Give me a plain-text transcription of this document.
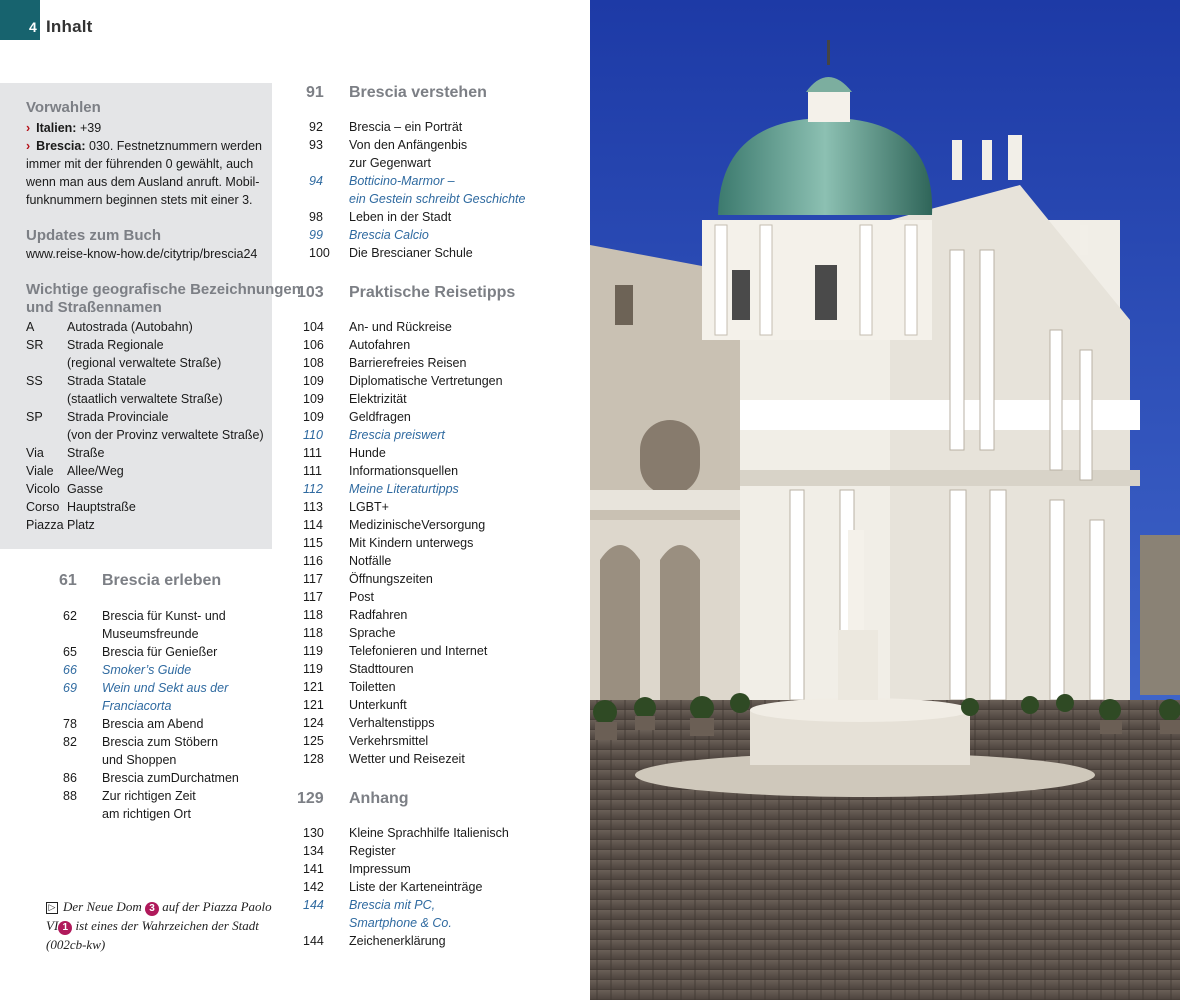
4 Inhalt

Vorwahlen

› Italien: +39
› Brescia: 030. Festnetznummern werden
immer mit der führenden 0 gewählt, auch
wenn man aus dem Ausland anruft. Mobil-
funknummern beginnen stets mit einer 3.

Updates zum Buch

www.reise-know-how.de/citytrip/brescia24

Wichtige geografische Bezeichnungen

und Straßennamen

A	Autostrada (Autobahn)
SR Strada Regionale
(regional verwaltete Straße)
SS Strada Statale
(staatlich verwaltete Straße)
SP Strada Provinciale
(von der Provinz verwaltete Straße)
Via Straße
Viale Allee/Weg
Vicolo Gasse
Corso Hauptstraße
Piazza Platz
61 Brescia erleben
62 Brescia für Kunst- und
Museumsfreunde
65 Brescia für Genießer
66 Smoker’s Guide
69 Wein und Sekt aus der
Franciacorta
78 Brescia am Abend
82 Brescia zum Stöbern
und Shoppen
86 Brescia zumDurchatmen
88 Zur richtigen Zeit
am richtigen Ort
91 Brescia verstehen
92 Brescia – ein Porträt
93 Von den Anfängenbis
zur Gegenwart
94 Botticino-Marmor –
ein Gestein schreibt Geschichte
98 Leben in der Stadt
99 Brescia Calcio
100 Die Brescianer Schule
103 Praktische Reisetipps
104 An- und Rückreise
106 Autofahren
108 Barrierefreies Reisen
109 Diplomatische Vertretungen
109 Elektrizität
109 Geldfragen
110 Brescia preiswert
111 Hunde
111 Informationsquellen
112 Meine Literaturtipps
113 LGBT+
114 MedizinischeVersorgung
115 Mit Kindern unterwegs
116 Notfälle
117 Öffnungszeiten
117 Post
118 Radfahren
118 Sprache
119 Telefonieren und Internet
119 Stadttouren
121 Toiletten
121 Unterkunft
124 Verhaltenstipps
125 Verkehrsmittel
128 Wetter und Reisezeit
129 Anhang
130 Kleine Sprachhilfe Italienisch
134 Register
141 Impressum
142 Liste der Karteneinträge
144 Brescia mit PC,
Smartphone & Co.
144 Zeichenerklärung
▷ Der Neue Dom 3 auf der Piazza Paolo VI 1 ist eines der Wahrzeichen der Stadt (002cb-kw)
